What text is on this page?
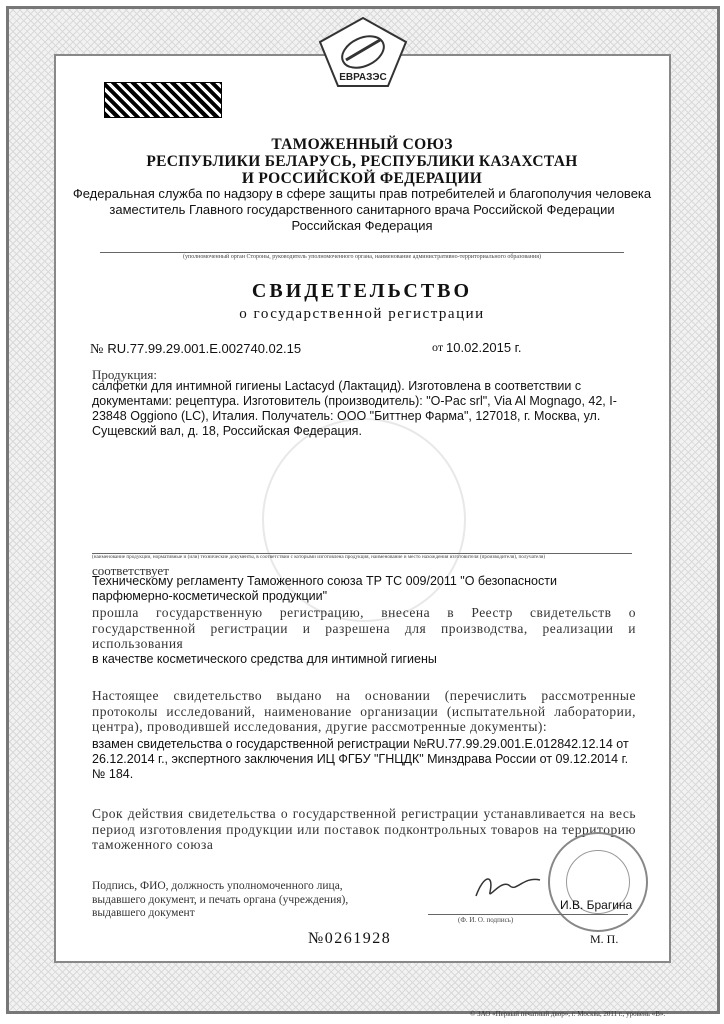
ЕВРАЗЭС
ТАМОЖЕННЫЙ СОЮЗ
РЕСПУБЛИКИ БЕЛАРУСЬ, РЕСПУБЛИКИ КАЗАХСТАН
И РОССИЙСКОЙ ФЕДЕРАЦИИ
Федеральная служба по надзору в сфере защиты прав потребителей и благополучия человека
заместитель Главного государственного санитарного врача Российской Федерации
Российская Федерация
(уполномоченный орган Стороны, руководитель уполномоченного органа, наименование административно-территориального образования)
СВИДЕТЕЛЬСТВО
о государственной регистрации
№ RU.77.99.29.001.E.002740.02.15	от 10.02.2015 г.
Продукция:
салфетки для интимной гигиены Lactacyd (Лактацид). Изготовлена в соответствии с документами: рецептура. Изготовитель (производитель): "O-Pac srl", Via Al Mognago, 42, I-23848 Oggiono (LC), Италия. Получатель: ООО "Биттнер Фарма", 127018, г. Москва, ул. Сущевский вал, д. 18, Российская Федерация.
(наименование продукции, нормативные и (или) технические документы, в соответствии с которыми изготовлена продукция, наименование и место нахождения изготовителя (производителя), получателя)
соответствует
Техническому регламенту Таможенного союза ТР ТС 009/2011 "О безопасности парфюмерно-косметической продукции"
прошла государственную регистрацию, внесена в Реестр свидетельств о государственной регистрации и разрешена для производства, реализации и использования
в качестве косметического средства для интимной гигиены
Настоящее свидетельство выдано на основании (перечислить рассмотренные протоколы исследований, наименование организации (испытательной лаборатории, центра), проводившей исследования, другие рассмотренные документы):
взамен свидетельства о государственной регистрации №RU.77.99.29.001.E.012842.12.14 от 26.12.2014 г., экспертного заключения ИЦ ФГБУ "ГНЦДК" Минздрава России от 09.12.2014 г. № 184.
Срок действия свидетельства о государственной регистрации устанавливается на весь период изготовления продукции или поставок подконтрольных товаров на территорию таможенного союза
Подпись, ФИО, должность уполномоченного лица, выдавшего документ, и печать органа (учреждения), выдавшего документ
И.В. Брагина
(Ф. И. О. подпись)
№0261928	М. П.
© ЗАО «Первый печатный двор», г. Москва, 2011 г., уровень «В».
